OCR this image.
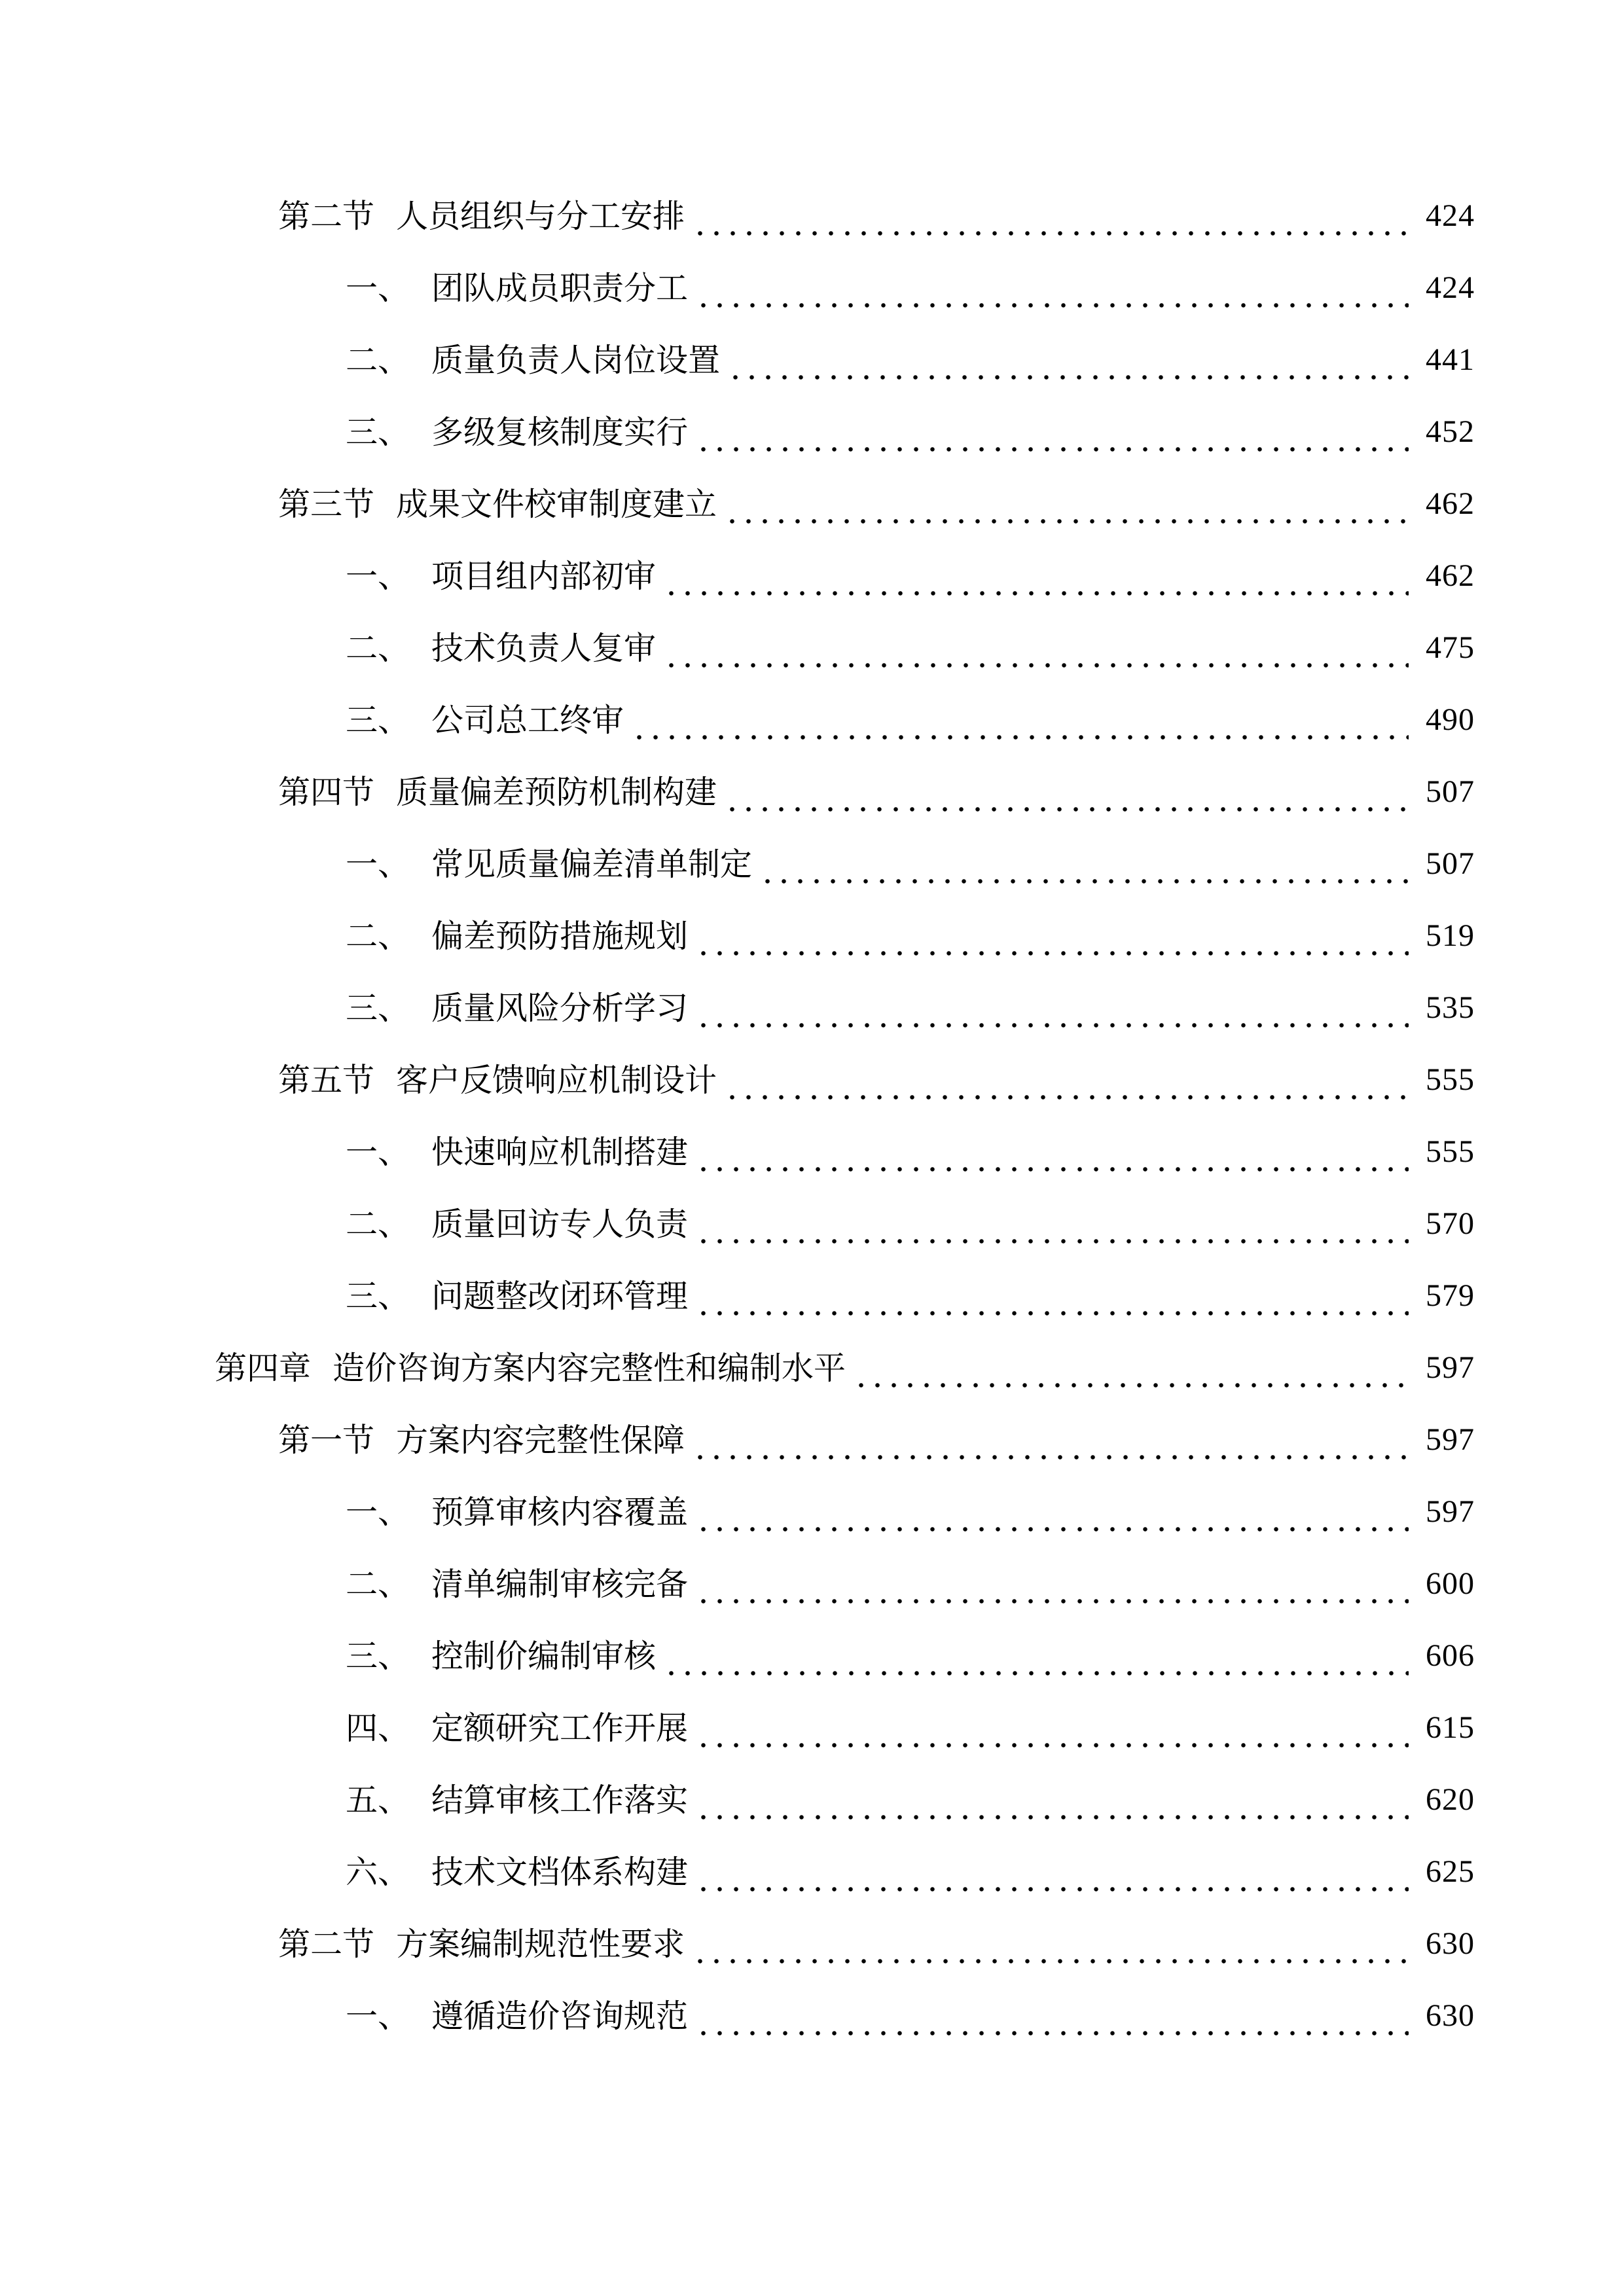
第二节 人员组织与分工安排	424
一、 团队成员职责分工	424
二、 质量负责人岗位设置	441
三、 多级复核制度实行	452
第三节 成果文件校审制度建立	462
一、 项目组内部初审	462
二、 技术负责人复审	475
三、 公司总工终审	490
第四节 质量偏差预防机制构建	507
一、 常见质量偏差清单制定	507
二、 偏差预防措施规划	519
三、 质量风险分析学习	535
第五节 客户反馈响应机制设计	555
一、 快速响应机制搭建	555
二、 质量回访专人负责	570
三、 问题整改闭环管理	579
第四章 造价咨询方案内容完整性和编制水平	597
第一节 方案内容完整性保障	597
一、 预算审核内容覆盖	597
二、 清单编制审核完备	600
三、 控制价编制审核	606
四、 定额研究工作开展	615
五、 结算审核工作落实	620
六、 技术文档体系构建	625
第二节 方案编制规范性要求	630
一、 遵循造价咨询规范	630
